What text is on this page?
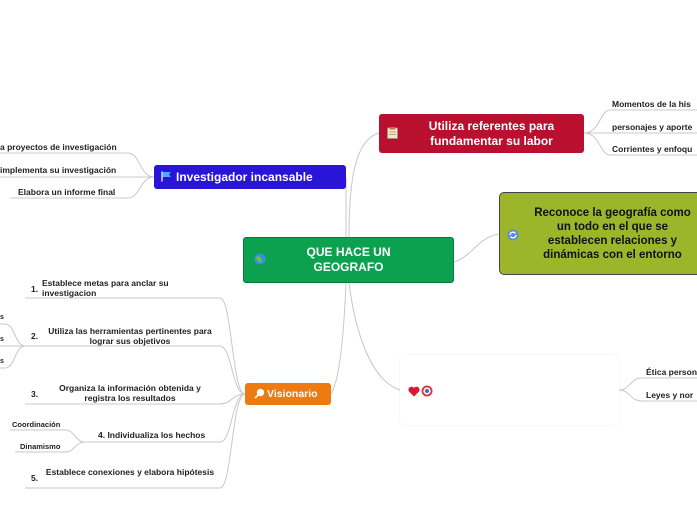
QUE HACE UN GEOGRAFO
Utiliza referentes para fundamentar su labor
Momentos de la his
personajes y aporte
Corrientes y enfoqu
Reconoce la geografía como un todo en el que se establecen relaciones y dinámicas con el entorno
Ética person
Leyes y nor
Investigador incansable
a proyectos de investigación
implementa su investigación
Elabora un informe final
Visionario
1.
Establece metas para anclar su investigacion
2.	Utiliza las herramientas pertinentes para lograr sus objetivos
3.
Organiza la información obtenida y registra los resultados
4. Individualiza los hechos
5.
Establece conexiones y elabora hipótesis
Coordinación
Dinamismo
s
s
s
